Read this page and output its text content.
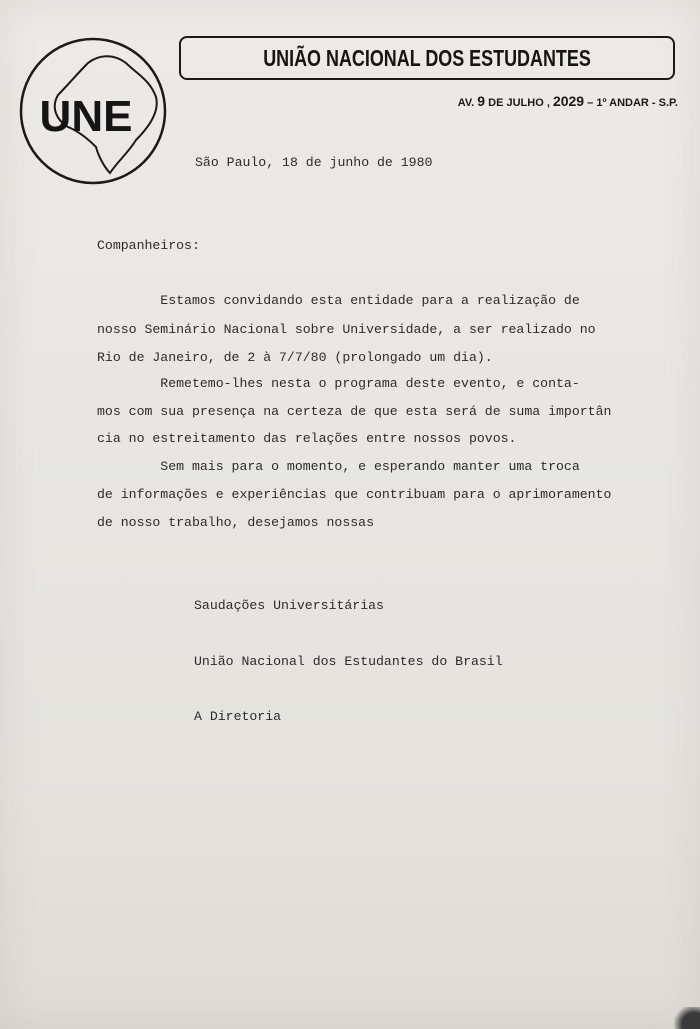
UNE
UNIÃO NACIONAL DOS ESTUDANTES
AV. 9 DE JULHO , 2029 – 1º ANDAR - S.P.
São Paulo, 18 de junho de 1980
Companheiros:
Estamos convidando esta entidade para a realização de
nosso Seminário Nacional sobre Universidade, a ser realizado no
Rio de Janeiro, de 2 à 7/7/80 (prolongado um dia).
Remetemo-lhes nesta o programa deste evento, e conta-
mos com sua presença na certeza de que esta será de suma importân
cia no estreitamento das relações entre nossos povos.
Sem mais para o momento, e esperando manter uma troca
de informações e experiências que contribuam para o aprimoramento
de nosso trabalho, desejamos nossas
Saudações Universitárias
União Nacional dos Estudantes do Brasil
A Diretoria
